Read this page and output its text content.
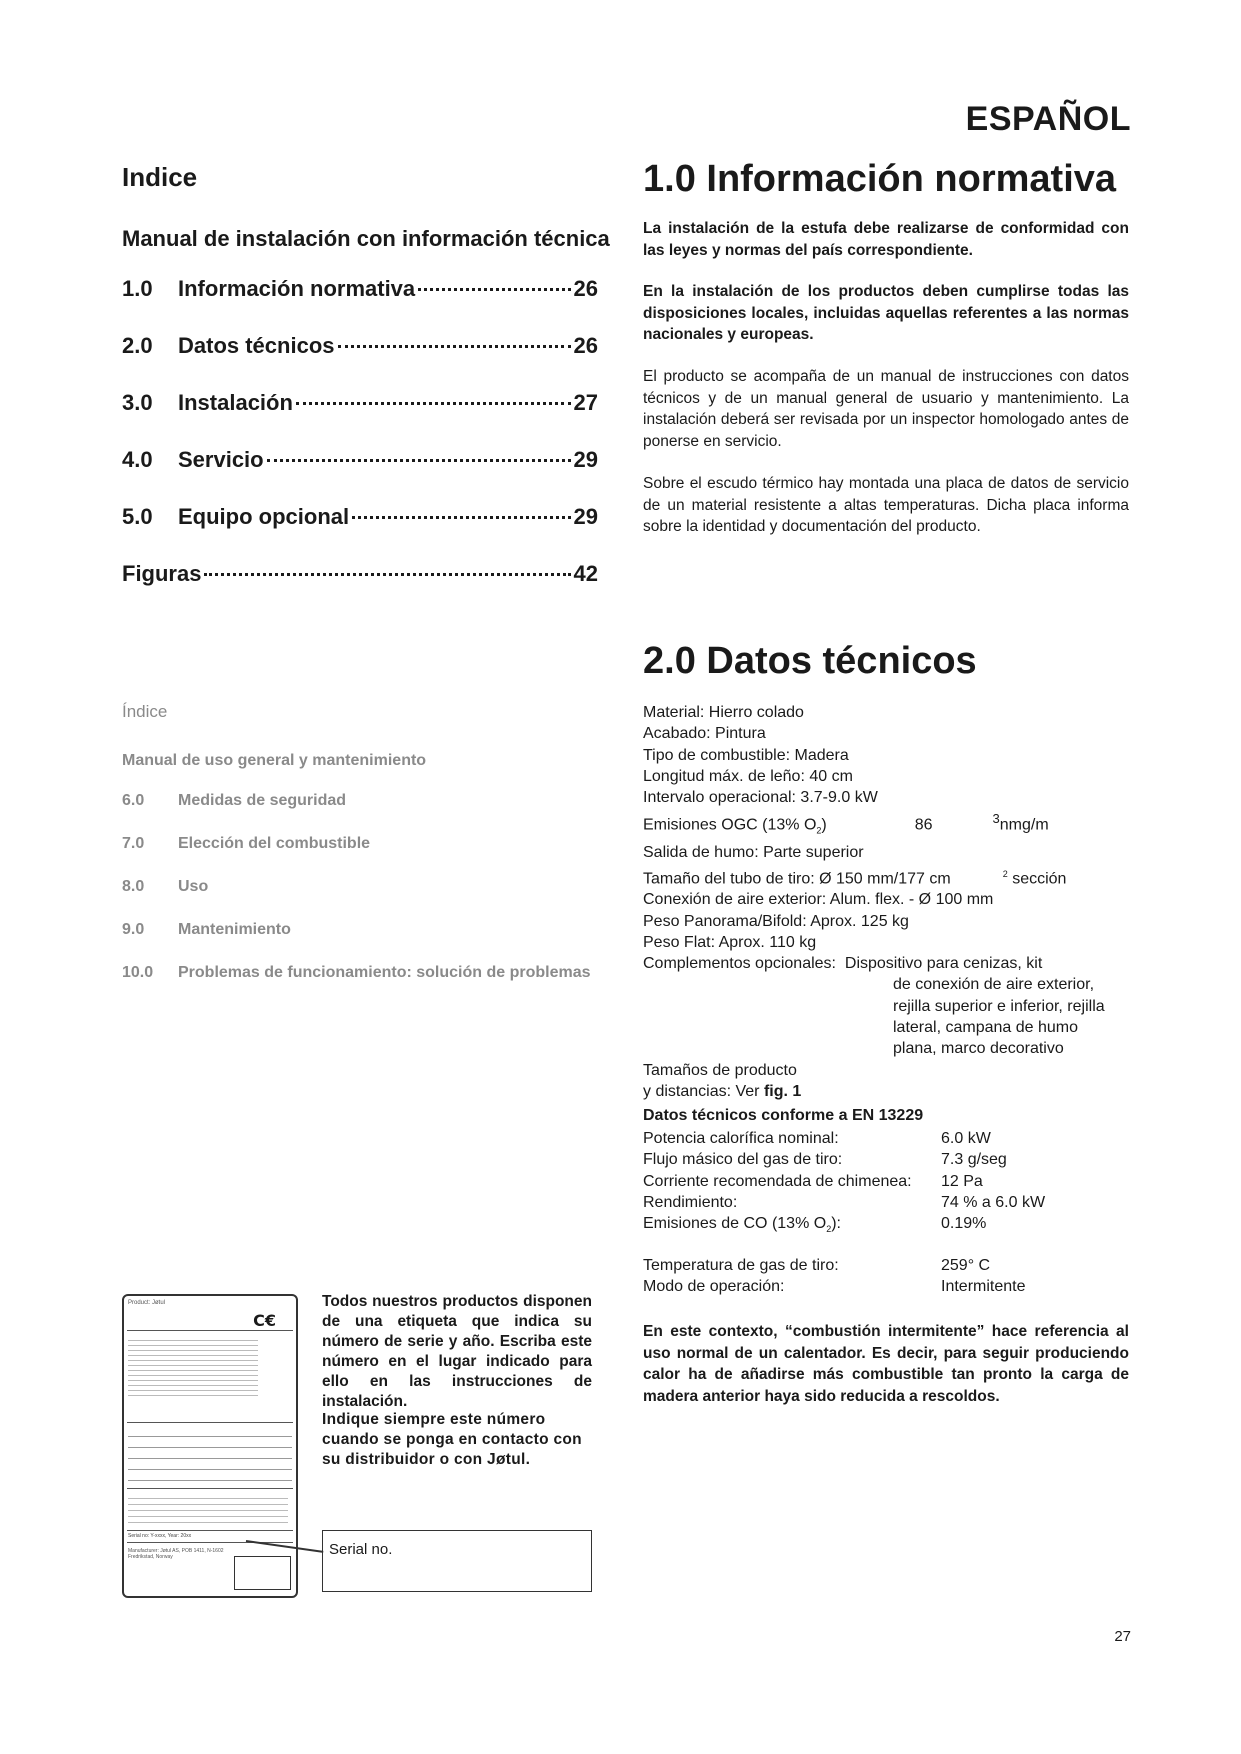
ESPAÑOL
Indice
Manual de instalación con información técnica
1.0	Información normativa	26
2.0	Datos técnicos	26
3.0	Instalación	27
4.0	Servicio	29
5.0	Equipo opcional	29
Figuras	42
Índice
Manual de uso general y mantenimiento
6.0	Medidas de seguridad
7.0	Elección del combustible
8.0	Uso
9.0	Mantenimiento
10.0	Problemas de funcionamiento: solución de problemas
1.0 Información normativa

La instalación de la estufa debe realizarse de conformidad con las leyes y normas del país correspondiente.

En la instalación de los productos deben cumplirse todas las disposiciones locales, incluidas aquellas referentes a las normas nacionales y europeas.

El producto se acompaña de un manual de instrucciones con datos técnicos y de un manual general de usuario y mantenimiento. La instalación deberá ser revisada por un inspector homologado antes de ponerse en servicio.

Sobre el escudo térmico hay montada una placa de datos de servicio de un material resistente a altas temperaturas. Dicha placa informa sobre la identidad y documentación del producto.

2.0 Datos técnicos
Material: Hierro colado
Acabado: Pintura
Tipo de combustible: Madera
Longitud máx. de leño: 40 cm
Intervalo operacional: 3.7-9.0 kW
Emisiones OGC (13% $O_2$)	86	$^3$nmg/m
Salida de humo: Parte superior
Tamaño del tubo de tiro: Ø 150 mm/177 cm	$^2$ sección
Conexión de aire exterior: Alum. flex. - Ø 100 mm
Peso Panorama/Bifold: Aprox. 125 kg
Peso Flat: Aprox. 110 kg
Complementos opcionales: Dispositivo para cenizas, kit
de conexión de aire exterior,
rejilla superior e inferior, rejilla
lateral, campana de humo
plana, marco decorativo
Tamaños de producto
y distancias: Ver fig. 1
Datos técnicos conforme a EN 13229
Potencia calorífica nominal:	6.0 kW
Flujo másico del gas de tiro:	7.3 g/seg
Corriente recomendada de chimenea:	12 Pa
Rendimiento:	74 % a 6.0 kW
Emisiones de CO (13% $O_2$):	0.19%
Temperatura de gas de tiro:	259° C
Modo de operación:	Intermitente

En este contexto, “combustión intermitente” hace referencia al uso normal de un calentador. Es decir, para seguir produciendo calor ha de añadirse más combustible tan pronto la carga de madera anterior haya sido reducida a rescoldos.

Product: Jøtul
C€
Serial no: Y-xxxx, Year: 20xx
Manufacturer: Jøtul AS, POB 1411, N-1602 Fredrikstad, Norway

Todos nuestros productos disponen de una etiqueta que indica su número de serie y año. Escriba este número en el lugar indicado para ello en las instrucciones de instalación.

Indique siempre este número cuando se ponga en contacto con su distribuidor o con Jøtul.

Serial no.
27
